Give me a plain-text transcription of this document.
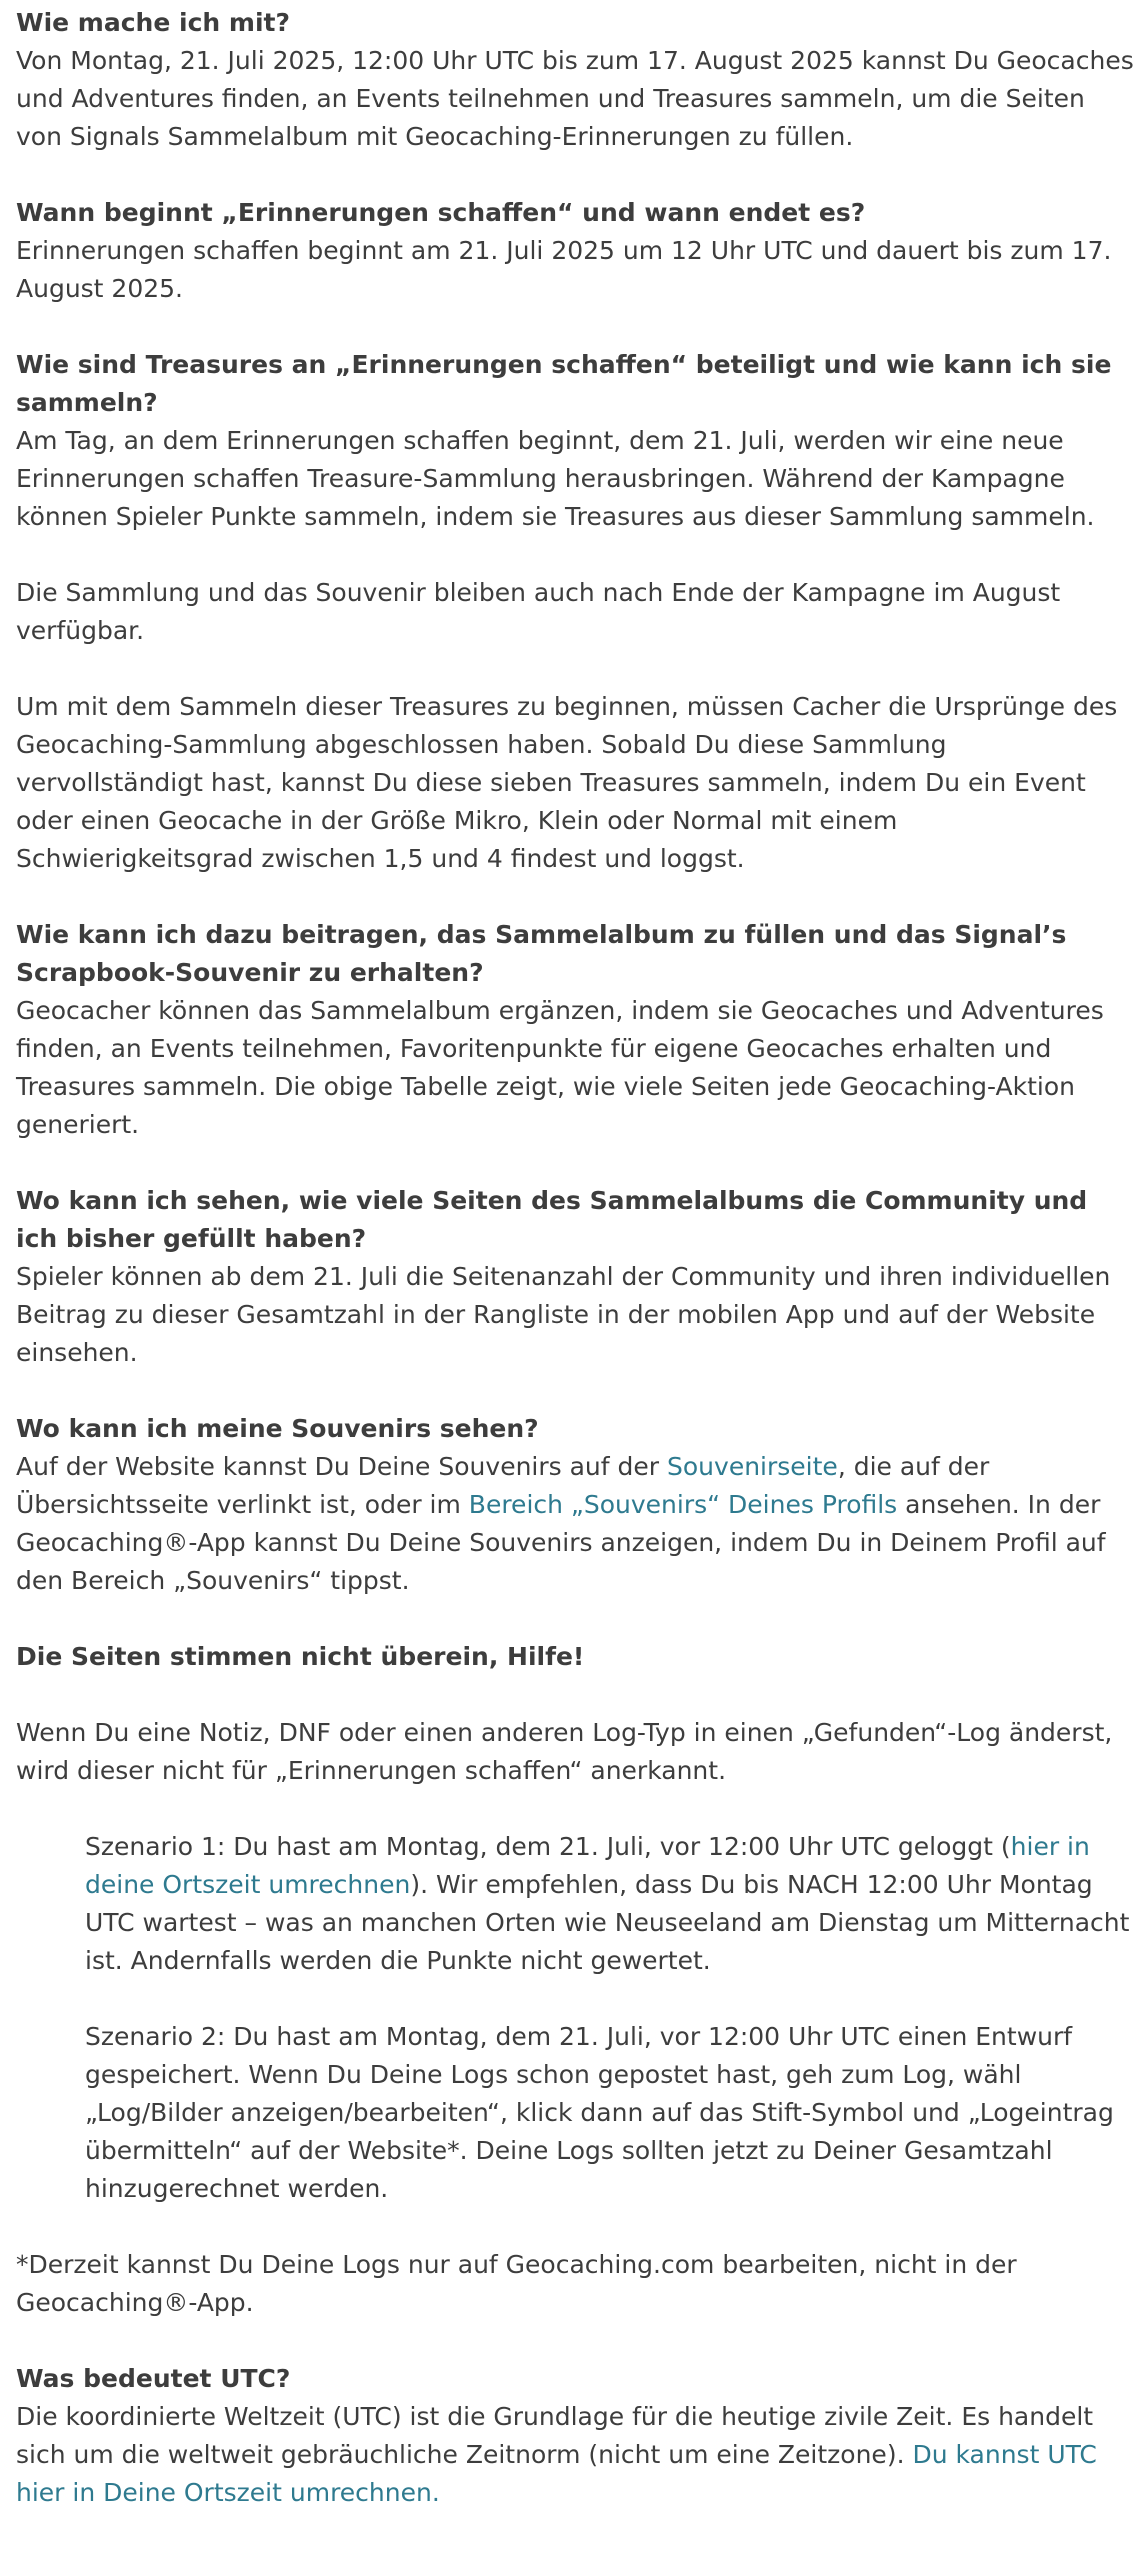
Wie mache ich mit?

Von Montag, 21. Juli 2025, 12:00 Uhr UTC bis zum 17. August 2025 kannst Du Geocaches und Adventures finden, an Events teilnehmen und Treasures sammeln, um die Seiten von Signals Sammelalbum mit Geocaching-Erinnerungen zu füllen.

Wann beginnt „Erinnerungen schaffen“ und wann endet es?

Erinnerungen schaffen beginnt am 21. Juli 2025 um 12 Uhr UTC und dauert bis zum 17. August 2025.

Wie sind Treasures an „Erinnerungen schaffen“ beteiligt und wie kann ich sie sammeln?

Am Tag, an dem Erinnerungen schaffen beginnt, dem 21. Juli, werden wir eine neue Erinnerungen schaffen Treasure-Sammlung herausbringen. Während der Kampagne können Spieler Punkte sammeln, indem sie Treasures aus dieser Sammlung sammeln.

Die Sammlung und das Souvenir bleiben auch nach Ende der Kampagne im August verfügbar.

Um mit dem Sammeln dieser Treasures zu beginnen, müssen Cacher die Ursprünge des Geocaching-Sammlung abgeschlossen haben. Sobald Du diese Sammlung vervollständigt hast, kannst Du diese sieben Treasures sammeln, indem Du ein Event oder einen Geocache in der Größe Mikro, Klein oder Normal mit einem Schwierigkeitsgrad zwischen 1,5 und 4 findest und loggst.

Wie kann ich dazu beitragen, das Sammelalbum zu füllen und das Signal’s Scrapbook-Souvenir zu erhalten?

Geocacher können das Sammelalbum ergänzen, indem sie Geocaches und Adventures finden, an Events teilnehmen, Favoritenpunkte für eigene Geocaches erhalten und Treasures sammeln. Die obige Tabelle zeigt, wie viele Seiten jede Geocaching-Aktion generiert.

Wo kann ich sehen, wie viele Seiten des Sammelalbums die Community und ich bisher gefüllt haben?

Spieler können ab dem 21. Juli die Seitenanzahl der Community und ihren individuellen Beitrag zu dieser Gesamtzahl in der Rangliste in der mobilen App und auf der Website einsehen.

Wo kann ich meine Souvenirs sehen?

Auf der Website kannst Du Deine Souvenirs auf der Souvenirseite, die auf der Übersichtsseite verlinkt ist, oder im Bereich „Souvenirs“ Deines Profils ansehen. In der Geocaching®-App kannst Du Deine Souvenirs anzeigen, indem Du in Deinem Profil auf den Bereich „Souvenirs“ tippst.

Die Seiten stimmen nicht überein, Hilfe!

Wenn Du eine Notiz, DNF oder einen anderen Log-Typ in einen „Gefunden“-Log änderst, wird dieser nicht für „Erinnerungen schaffen“ anerkannt.

Szenario 1: Du hast am Montag, dem 21. Juli, vor 12:00 Uhr UTC geloggt (hier in deine Ortszeit umrechnen). Wir empfehlen, dass Du bis NACH 12:00 Uhr Montag UTC wartest – was an manchen Orten wie Neuseeland am Dienstag um Mitternacht ist. Andernfalls werden die Punkte nicht gewertet.

Szenario 2: Du hast am Montag, dem 21. Juli, vor 12:00 Uhr UTC einen Entwurf gespeichert. Wenn Du Deine Logs schon gepostet hast, geh zum Log, wähl „Log/Bilder anzeigen/bearbeiten“, klick dann auf das Stift-Symbol und „Logeintrag übermitteln“ auf der Website*. Deine Logs sollten jetzt zu Deiner Gesamtzahl hinzugerechnet werden.

*Derzeit kannst Du Deine Logs nur auf Geocaching.com bearbeiten, nicht in der Geocaching®-App.

Was bedeutet UTC?

Die koordinierte Weltzeit (UTC) ist die Grundlage für die heutige zivile Zeit. Es handelt sich um die weltweit gebräuchliche Zeitnorm (nicht um eine Zeitzone). Du kannst UTC hier in Deine Ortszeit umrechnen.
